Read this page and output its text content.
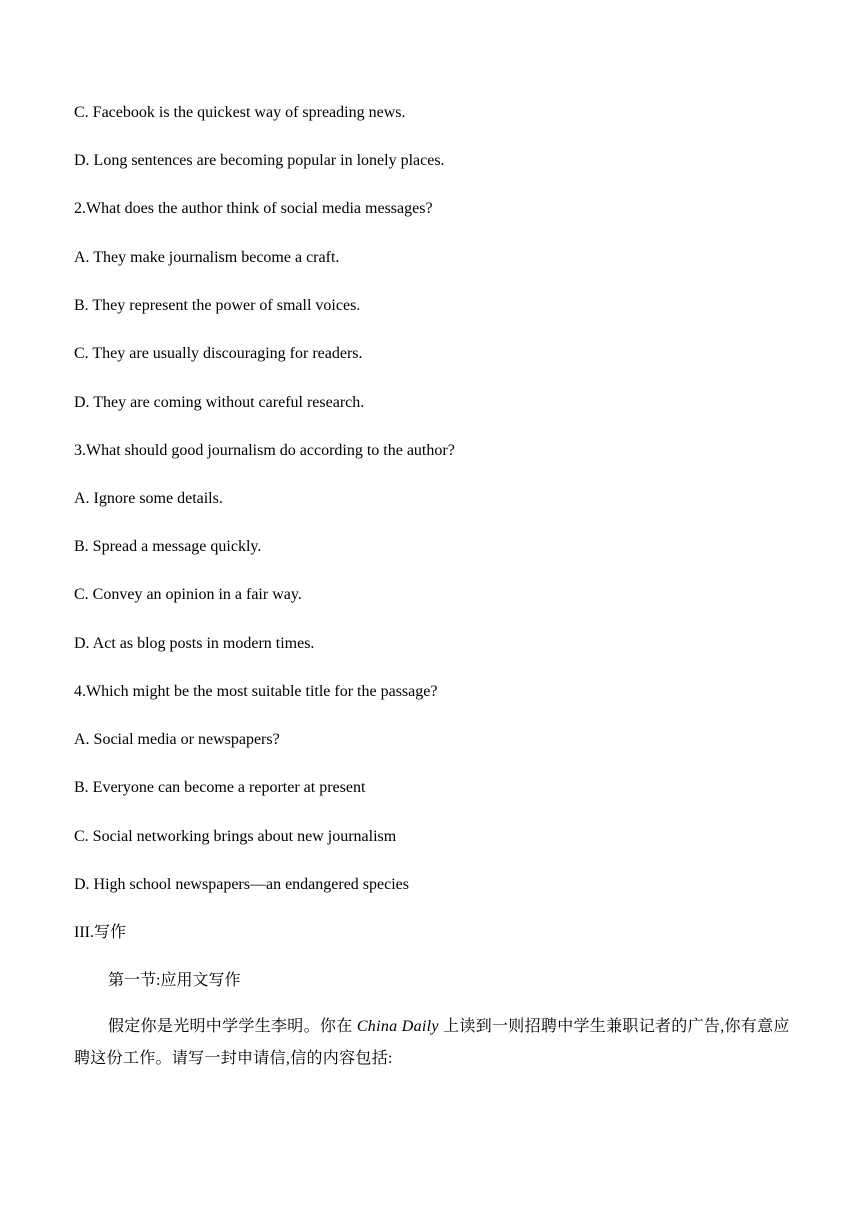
C. Facebook is the quickest way of spreading news.
D. Long sentences are becoming popular in lonely places.
2.What does the author think of social media messages?
A. They make journalism become a craft.
B. They represent the power of small voices.
C. They are usually discouraging for readers.
D. They are coming without careful research.
3.What should good journalism do according to the author?
A. Ignore some details.
B. Spread a message quickly.
C. Convey an opinion in a fair way.
D. Act as blog posts in modern times.
4.Which might be the most suitable title for the passage?
A. Social media or newspapers?
B. Everyone can become a reporter at present
C. Social networking brings about new journalism
D. High school newspapers—an endangered species
III.写作
第一节:应用文写作
假定你是光明中学学生李明。你在 China Daily 上读到一则招聘中学生兼职记者的广告,你有意应聘这份工作。请写一封申请信,信的内容包括:
